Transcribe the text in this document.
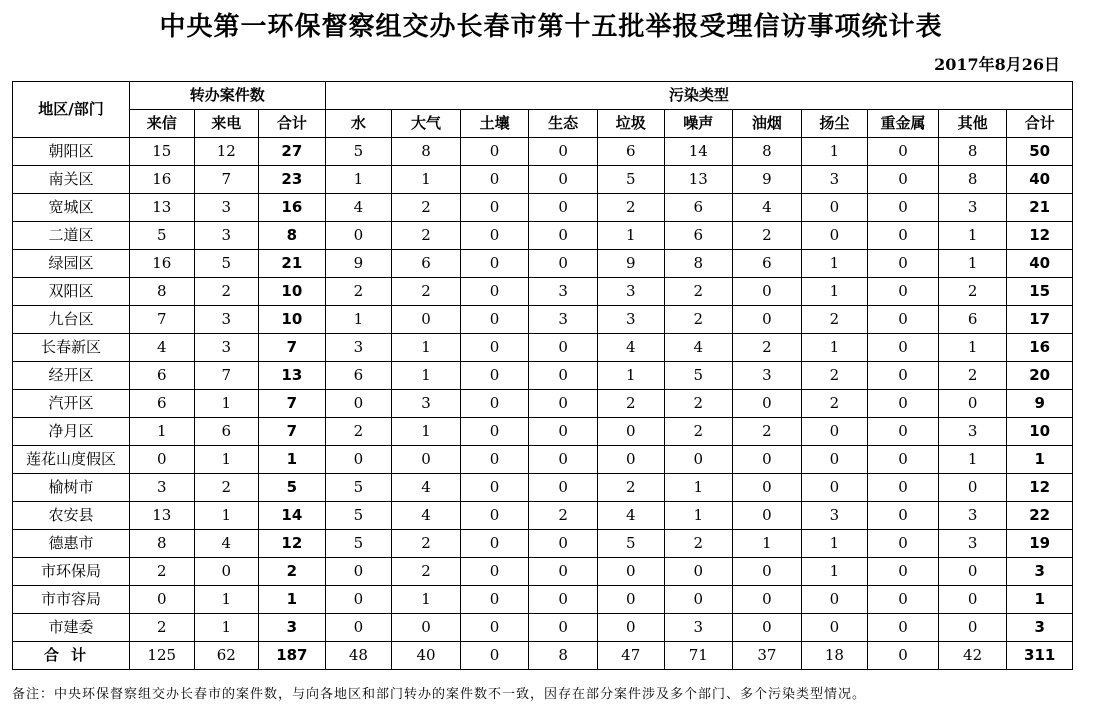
中央第一环保督察组交办长春市第十五批举报受理信访事项统计表
2017年8月26日
地区/部门	转办案件数			污染类型										
	来信	来电	合计	水	大气	土壤	生态	垃圾	噪声	油烟	扬尘	重金属	其他	合计
朝阳区	15	12	27	5	8	0	0	6	14	8	1	0	8	50
南关区	16	7	23	1	1	0	0	5	13	9	3	0	8	40
宽城区	13	3	16	4	2	0	0	2	6	4	0	0	3	21
二道区	5	3	8	0	2	0	0	1	6	2	0	0	1	12
绿园区	16	5	21	9	6	0	0	9	8	6	1	0	1	40
双阳区	8	2	10	2	2	0	3	3	2	0	1	0	2	15
九台区	7	3	10	1	0	0	3	3	2	0	2	0	6	17
长春新区	4	3	7	3	1	0	0	4	4	2	1	0	1	16
经开区	6	7	13	6	1	0	0	1	5	3	2	0	2	20
汽开区	6	1	7	0	3	0	0	2	2	0	2	0	0	9
净月区	1	6	7	2	1	0	0	0	2	2	0	0	3	10
莲花山度假区	0	1	1	0	0	0	0	0	0	0	0	0	1	1
榆树市	3	2	5	5	4	0	0	2	1	0	0	0	0	12
农安县	13	1	14	5	4	0	2	4	1	0	3	0	3	22
德惠市	8	4	12	5	2	0	0	5	2	1	1	0	3	19
市环保局	2	0	2	0	2	0	0	0	0	0	1	0	0	3
市市容局	0	1	1	0	1	0	0	0	0	0	0	0	0	1
市建委	2	1	3	0	0	0	0	0	3	0	0	0	0	3
合计	125	62	187	48	40	0	8	47	71	37	18	0	42	311
备注：中央环保督察组交办长春市的案件数，与向各地区和部门转办的案件数不一致，因存在部分案件涉及多个部门、多个污染类型情况。
